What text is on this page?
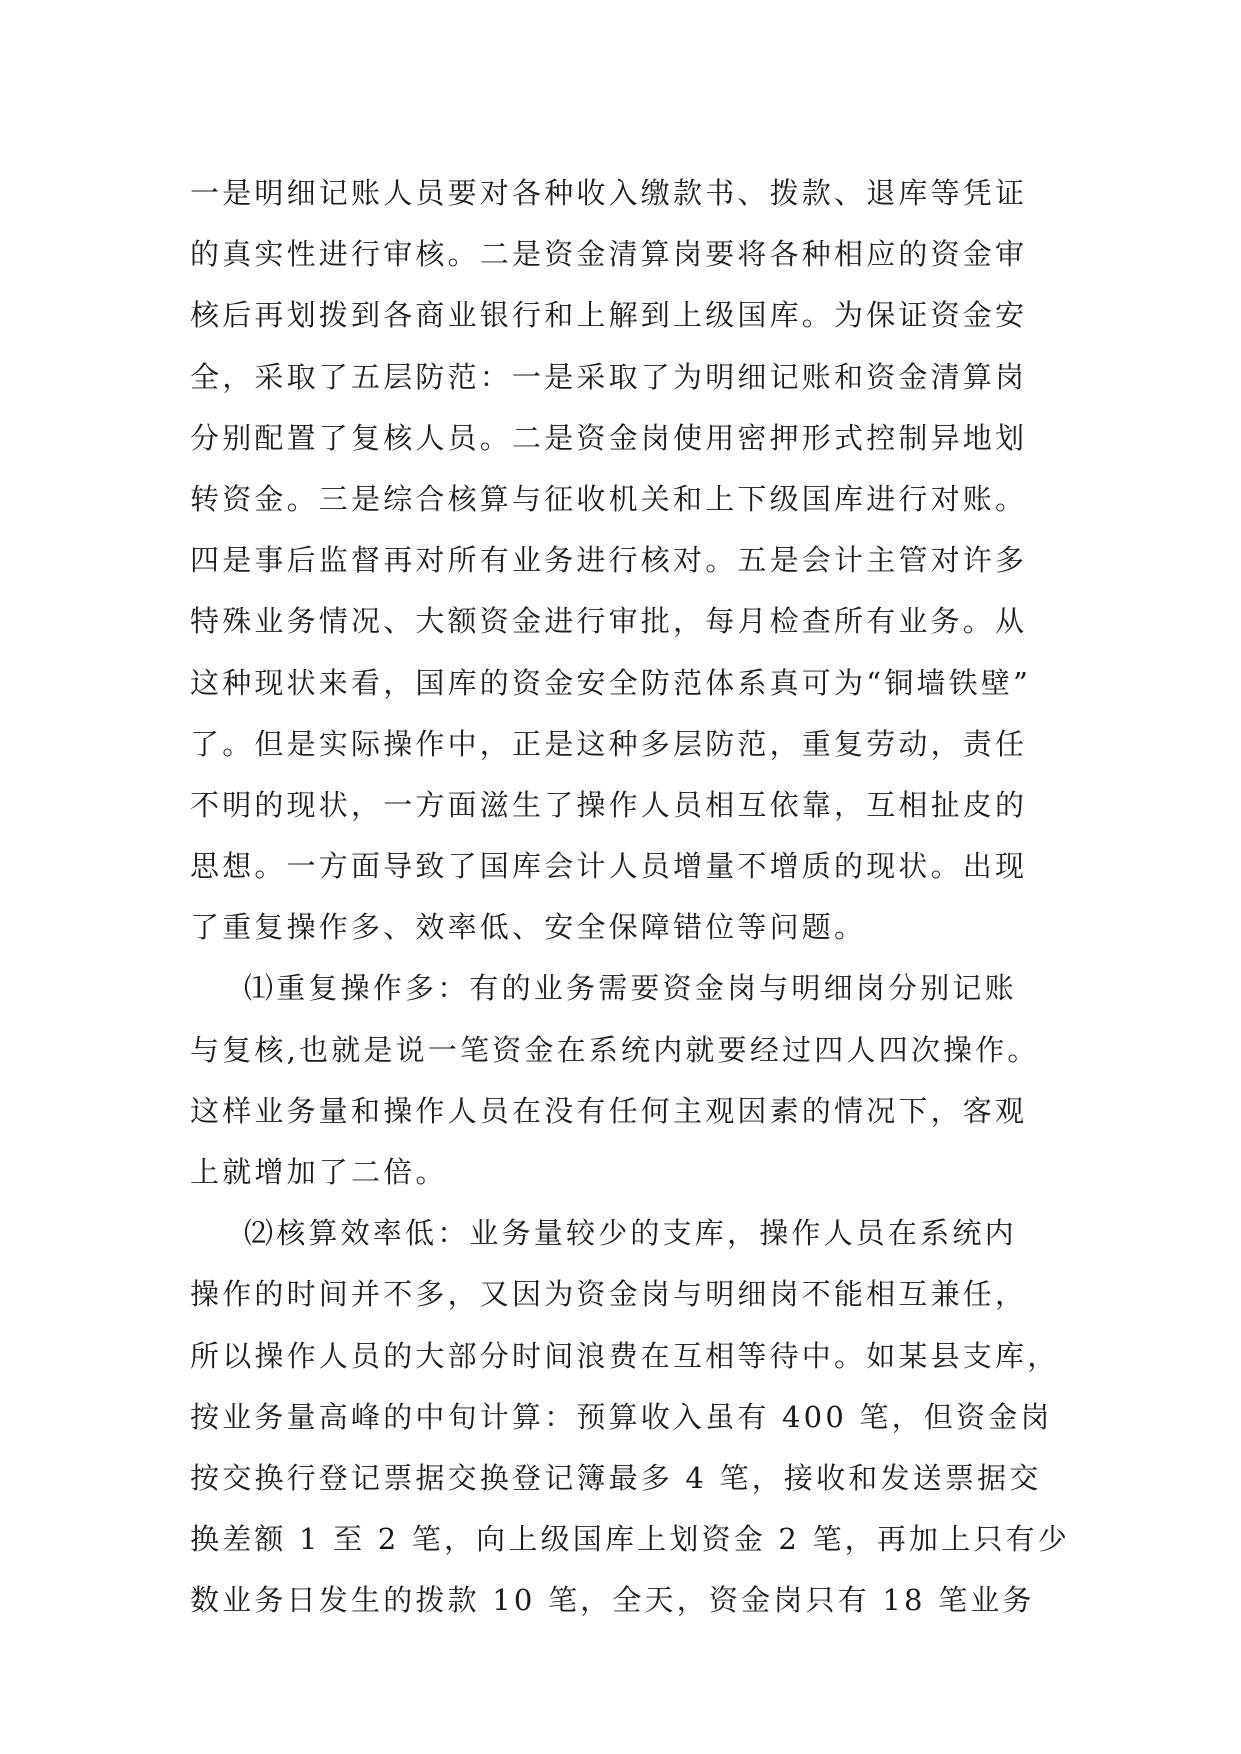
一是明细记账人员要对各种收入缴款书、拨款、退库等凭证
的真实性进行审核。二是资金清算岗要将各种相应的资金审
核后再划拨到各商业银行和上解到上级国库。为保证资金安
全，采取了五层防范：一是采取了为明细记账和资金清算岗
分别配置了复核人员。二是资金岗使用密押形式控制异地划
转资金。三是综合核算与征收机关和上下级国库进行对账。
四是事后监督再对所有业务进行核对。五是会计主管对许多
特殊业务情况、大额资金进行审批，每月检查所有业务。从
这种现状来看，国库的资金安全防范体系真可为“铜墙铁壁”
了。但是实际操作中，正是这种多层防范，重复劳动，责任
不明的现状，一方面滋生了操作人员相互依靠，互相扯皮的
思想。一方面导致了国库会计人员增量不增质的现状。出现
了重复操作多、效率低、安全保障错位等问题。
⑴重复操作多：有的业务需要资金岗与明细岗分别记账
与复核,也就是说一笔资金在系统内就要经过四人四次操作。
这样业务量和操作人员在没有任何主观因素的情况下，客观
上就增加了二倍。
⑵核算效率低：业务量较少的支库，操作人员在系统内
操作的时间并不多，又因为资金岗与明细岗不能相互兼任，
所以操作人员的大部分时间浪费在互相等待中。如某县支库，
按业务量高峰的中旬计算：预算收入虽有 400 笔，但资金岗
按交换行登记票据交换登记簿最多 4 笔，接收和发送票据交
换差额 1 至 2 笔，向上级国库上划资金 2 笔，再加上只有少
数业务日发生的拨款 10 笔，全天，资金岗只有 18 笔业务
